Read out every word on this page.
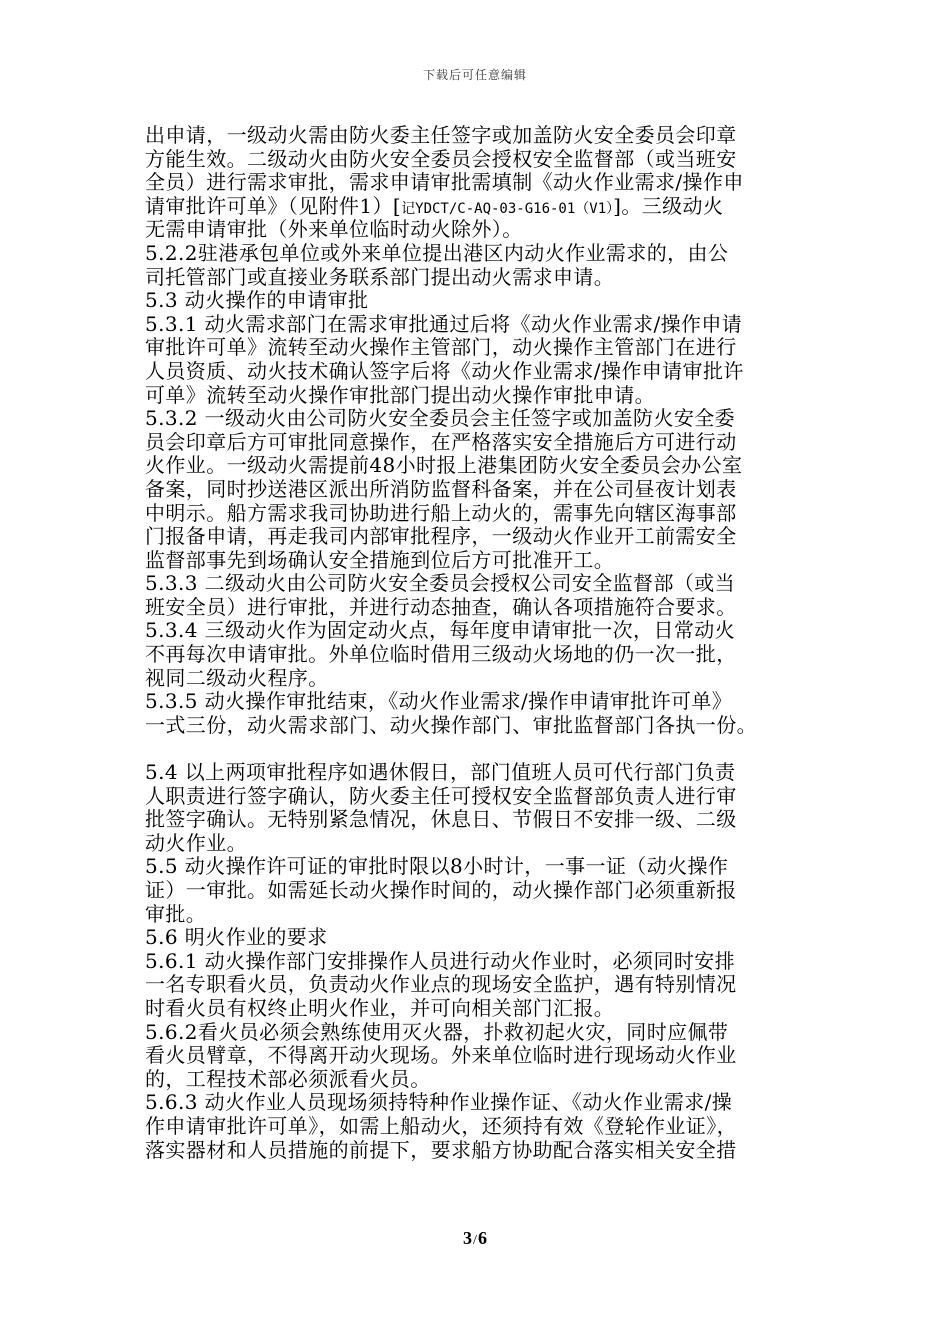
下载后可任意编辑
出申请，一级动火需由防火委主任签字或加盖防火安全委员会印章
方能生效。二级动火由防火安全委员会授权安全监督部（或当班安
全员）进行需求审批，需求申请审批需填制《动火作业需求/操作申
请审批许可单》（见附件1）[记YDCT/C-AQ-03-G16-01（V1）]。三级动火
无需申请审批（外来单位临时动火除外）。
5.2.2驻港承包单位或外来单位提出港区内动火作业需求的，由公
司托管部门或直接业务联系部门提出动火需求申请。
5.3 动火操作的申请审批
5.3.1 动火需求部门在需求审批通过后将《动火作业需求/操作申请
审批许可单》流转至动火操作主管部门，动火操作主管部门在进行
人员资质、动火技术确认签字后将《动火作业需求/操作申请审批许
可单》流转至动火操作审批部门提出动火操作审批申请。
5.3.2 一级动火由公司防火安全委员会主任签字或加盖防火安全委
员会印章后方可审批同意操作，在严格落实安全措施后方可进行动
火作业。一级动火需提前48小时报上港集团防火安全委员会办公室
备案，同时抄送港区派出所消防监督科备案，并在公司昼夜计划表
中明示。船方需求我司协助进行船上动火的，需事先向辖区海事部
门报备申请，再走我司内部审批程序，一级动火作业开工前需安全
监督部事先到场确认安全措施到位后方可批准开工。
5.3.3 二级动火由公司防火安全委员会授权公司安全监督部（或当
班安全员）进行审批，并进行动态抽查，确认各项措施符合要求。
5.3.4 三级动火作为固定动火点，每年度申请审批一次，日常动火
不再每次申请审批。外单位临时借用三级动火场地的仍一次一批，
视同二级动火程序。
5.3.5 动火操作审批结束，《动火作业需求/操作申请审批许可单》
一式三份，动火需求部门、动火操作部门、审批监督部门各执一份。
5.4 以上两项审批程序如遇休假日，部门值班人员可代行部门负责
人职责进行签字确认，防火委主任可授权安全监督部负责人进行审
批签字确认。无特别紧急情况，休息日、节假日不安排一级、二级
动火作业。
5.5 动火操作许可证的审批时限以8小时计，一事一证（动火操作
证）一审批。如需延长动火操作时间的，动火操作部门必须重新报
审批。
5.6 明火作业的要求
5.6.1 动火操作部门安排操作人员进行动火作业时，必须同时安排
一名专职看火员，负责动火作业点的现场安全监护，遇有特别情况
时看火员有权终止明火作业，并可向相关部门汇报。
5.6.2看火员必须会熟练使用灭火器，扑救初起火灾，同时应佩带
看火员臂章，不得离开动火现场。外来单位临时进行现场动火作业
的，工程技术部必须派看火员。
5.6.3 动火作业人员现场须持特种作业操作证、《动火作业需求/操
作申请审批许可单》，如需上船动火，还须持有效《登轮作业证》，
落实器材和人员措施的前提下，要求船方协助配合落实相关安全措
3/6
